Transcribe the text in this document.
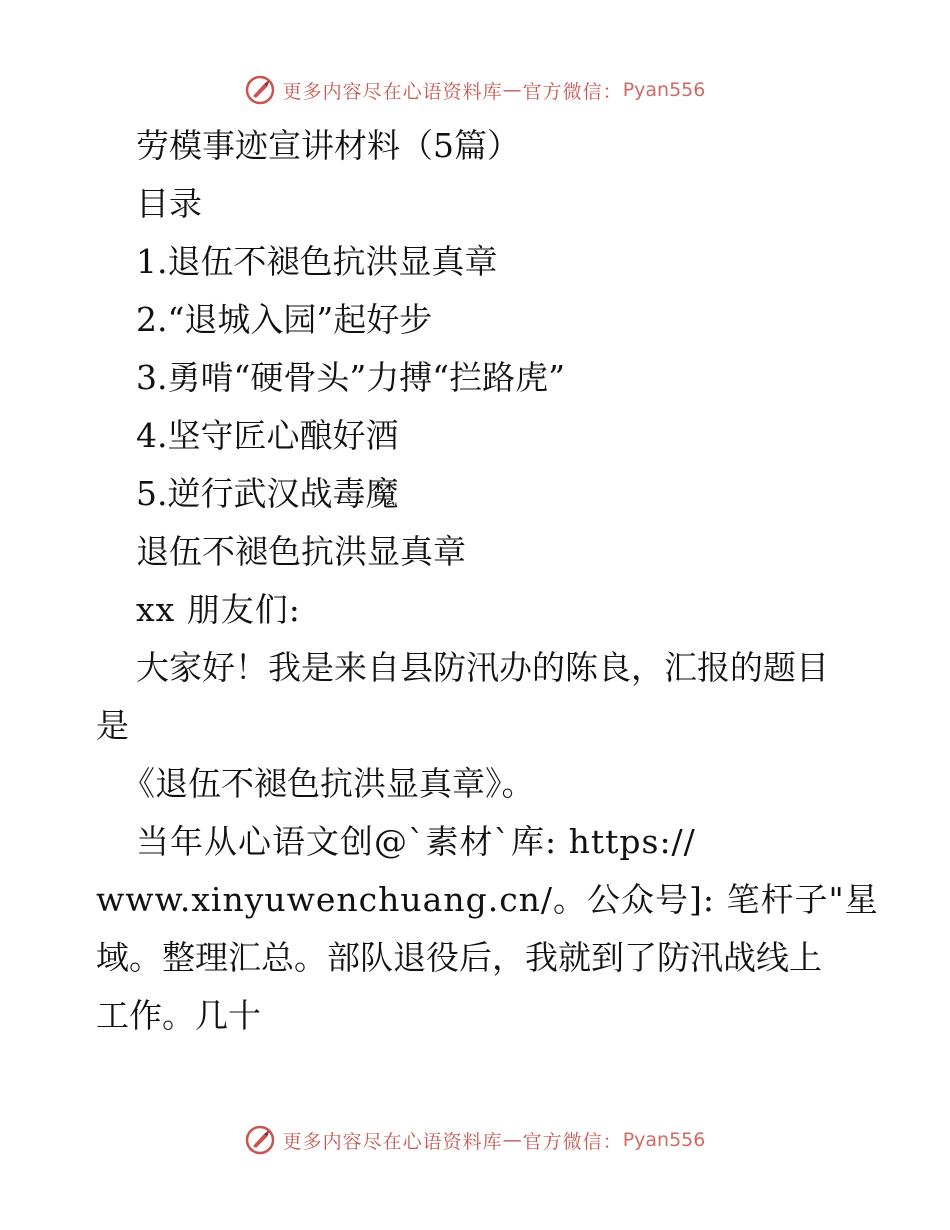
更多内容尽在心语资料库 — 官方微信： Pyan556
劳模事迹宣讲材料（5篇）
目录
1.退伍不褪色抗洪显真章
2.“退城入园”起好步
3.勇啃“硬骨头”力搏“拦路虎”
4.坚守匠心酿好酒
5.逆行武汉战毒魔
退伍不褪色抗洪显真章
xx 朋友们:
大家好！我是来自县防汛办的陈良，汇报的题目
是
《退伍不褪色抗洪显真章》。
当年从心语文创@`素材`库: https://
www.xinyuwenchuang.cn/。公众号]: 笔杆子"星
域。整理汇总。部队退役后，我就到了防汛战线上
工作。几十
更多内容尽在心语资料库 — 官方微信： Pyan556
